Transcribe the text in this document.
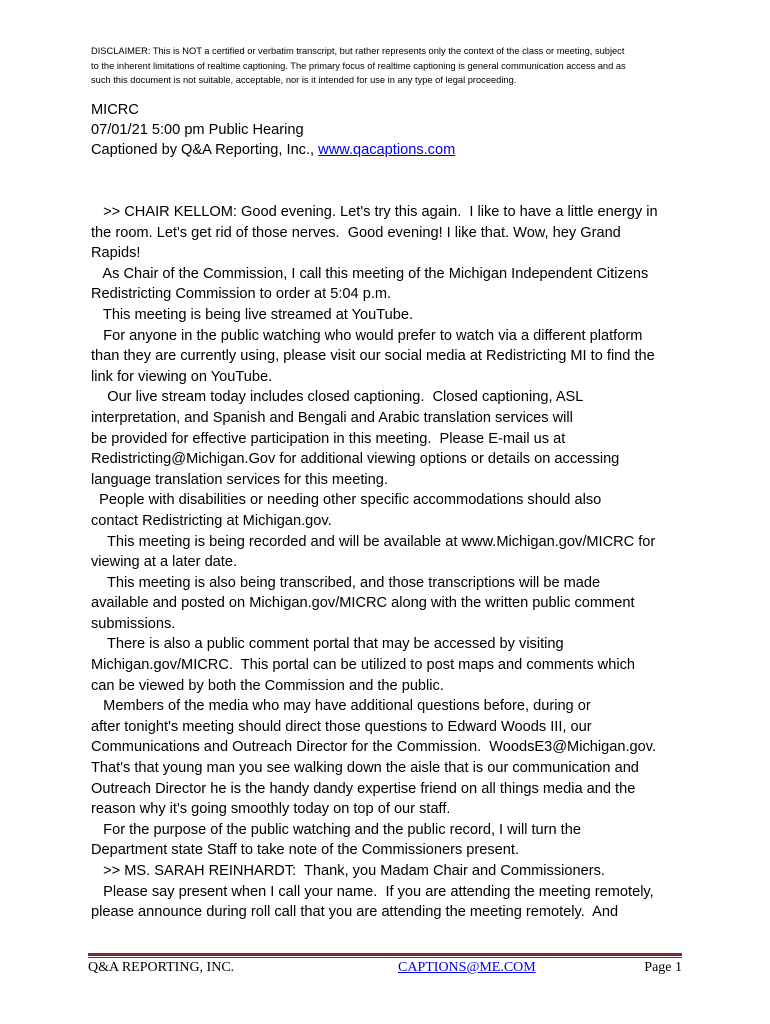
DISCLAIMER: This is NOT a certified or verbatim transcript, but rather represents only the context of the class or meeting, subject
to the inherent limitations of realtime captioning. The primary focus of realtime captioning is general communication access and as
such this document is not suitable, acceptable, nor is it intended for use in any type of legal proceeding.

MICRC
07/01/21 5:00 pm Public Hearing
Captioned by Q&A Reporting, Inc., www.qacaptions.com
>> CHAIR KELLOM: Good evening. Let's try this again.  I like to have a little energy in
the room. Let's get rid of those nerves.  Good evening! I like that. Wow, hey Grand
Rapids!
As Chair of the Commission, I call this meeting of the Michigan Independent Citizens
Redistricting Commission to order at 5:04 p.m.
This meeting is being live streamed at YouTube.
For anyone in the public watching who would prefer to watch via a different platform
than they are currently using, please visit our social media at Redistricting MI to find the
link for viewing on YouTube.
Our live stream today includes closed captioning.  Closed captioning, ASL
interpretation, and Spanish and Bengali and Arabic translation services will
be provided for effective participation in this meeting.  Please E-mail us at
Redistricting@Michigan.Gov for additional viewing options or details on accessing
language translation services for this meeting.
People with disabilities or needing other specific accommodations should also
contact Redistricting at Michigan.gov.
This meeting is being recorded and will be available at www.Michigan.gov/MICRC for
viewing at a later date.
This meeting is also being transcribed, and those transcriptions will be made
available and posted on Michigan.gov/MICRC along with the written public comment
submissions.
There is also a public comment portal that may be accessed by visiting
Michigan.gov/MICRC.  This portal can be utilized to post maps and comments which
can be viewed by both the Commission and the public.
Members of the media who may have additional questions before, during or
after tonight's meeting should direct those questions to Edward Woods III, our
Communications and Outreach Director for the Commission.  WoodsE3@Michigan.gov.
That's that young man you see walking down the aisle that is our communication and
Outreach Director he is the handy dandy expertise friend on all things media and the
reason why it's going smoothly today on top of our staff.
For the purpose of the public watching and the public record, I will turn the
Department state Staff to take note of the Commissioners present.
>> MS. SARAH REINHARDT:  Thank, you Madam Chair and Commissioners.
Please say present when I call your name.  If you are attending the meeting remotely,
please announce during roll call that you are attending the meeting remotely.  And
Q&A REPORTING, INC.	CAPTIONS@ME.COM	Page 1
